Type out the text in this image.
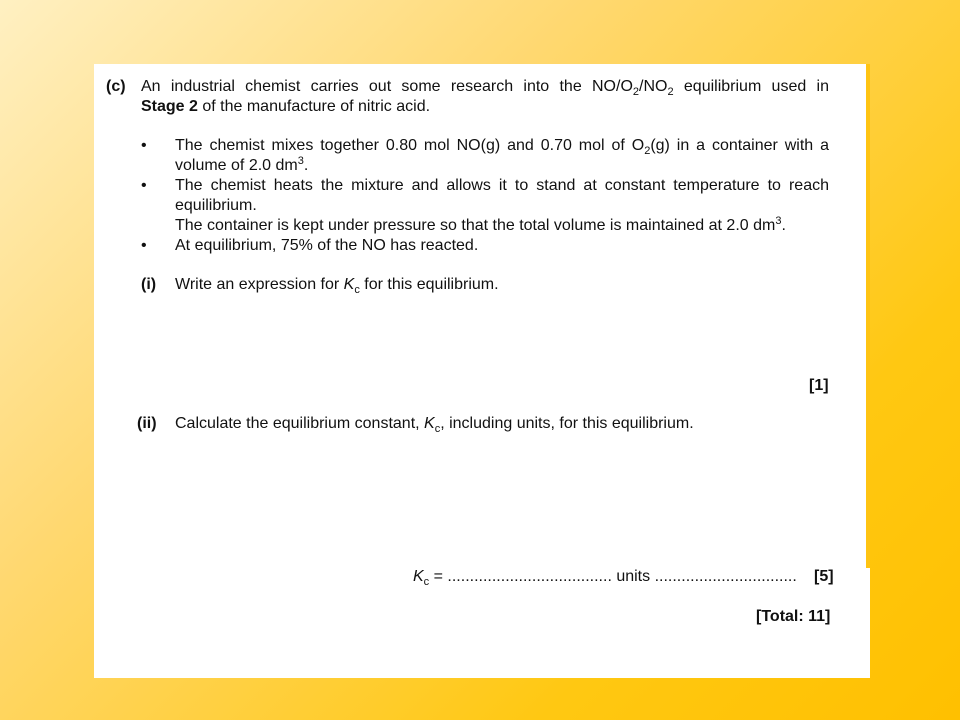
(c) An industrial chemist carries out some research into the $NO/O_2/NO_2$ equilibrium used in
Stage 2 of the manufacture of nitric acid.
• The chemist mixes together 0.80 mol NO(g) and 0.70 mol of $O_2(g)$ in a container with a
volume of 2.0 $dm^3$.
• The chemist heats the mixture and allows it to stand at constant temperature to reach
equilibrium.
The container is kept under pressure so that the total volume is maintained at 2.0 $dm^3$.
• At equilibrium, 75% of the NO has reacted.
(i) Write an expression for $K_c$ for this equilibrium.
[1]
(ii) Calculate the equilibrium constant, $K_c$, including units, for this equilibrium.
$K_c$ = ..................................... units ................................ [5]
[Total: 11]
